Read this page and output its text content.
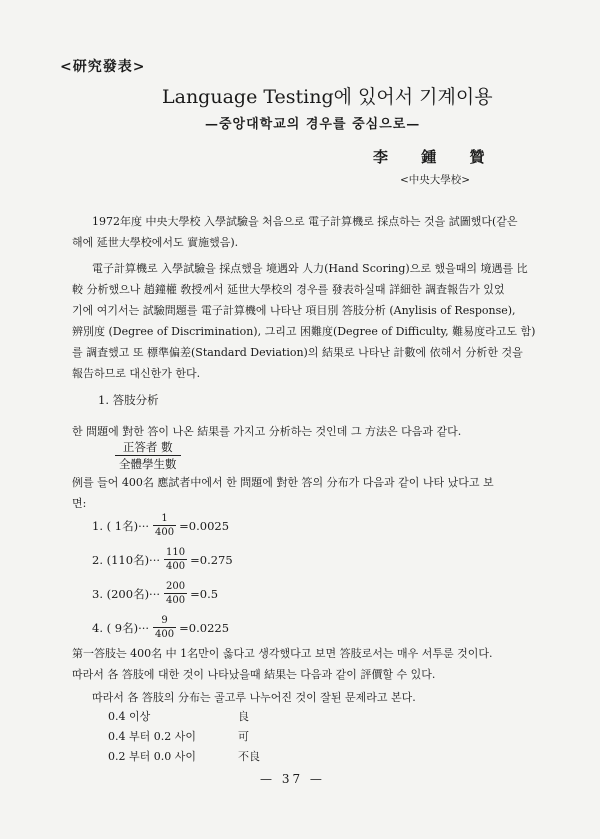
<研究發表>
Language Testing에 있어서 기계이용
—중앙대학교의 경우를 중심으로—
李 鍾 贊
<中央大學校>
1972年度 中央大學校 入學試驗을 처음으로 電子計算機로 採点하는 것을 試圖했다(같은
해에 延世大學校에서도 實施했음).
電子計算機로 入學試驗을 採点했을 境遇와 人力(Hand Scoring)으로 했을때의 境遇를 比
較 分析했으나 趙鐘權 敎授께서 延世大學校의 경우를 發表하실때 詳細한 調査報告가 있었
기에 여기서는 試驗問題를 電子計算機에 나타난 項目別 答肢分析 (Anylisis of Response),
辨別度 (Degree of Discrimination), 그리고 困難度(Degree of Difficulty, 難易度라고도 함)
를 調査했고 또 標準偏差(Standard Deviation)의 結果로 나타난 計數에 依해서 分析한 것을
報告하므로 대신한가 한다.
1. 答肢分析
한 問題에 對한 答이 나온 結果를 가지고 分析하는 것인데 그 方法은 다음과 같다.
正答者 數
全體學生數
例를 들어 400名 應試者中에서 한 問題에 對한 答의 分布가 다음과 같이 나타 났다고 보
면:
1. ( 1名)··· $\frac{1}{400} =0.0025$
2. (110名)··· $\frac{110}{400} =0.275$
3. (200名)··· $\frac{200}{400} =0.5$
4. ( 9名)··· $\frac{9}{400} =0.0225$
第一答肢는 400名 中 1名만이 옳다고 생각했다고 보면 答肢로서는 매우 서투룬 것이다.
따라서 各 答肢에 대한 것이 나타났을때 結果는 다음과 같이 評價할 수 있다.
따라서 各 答肢의 分布는 골고루 나누어진 것이 잘된 문제라고 본다.
0.4 이상	良
0.4 부터 0.2 사이	可
0.2 부터 0.0 사이	不良
— 37 —
